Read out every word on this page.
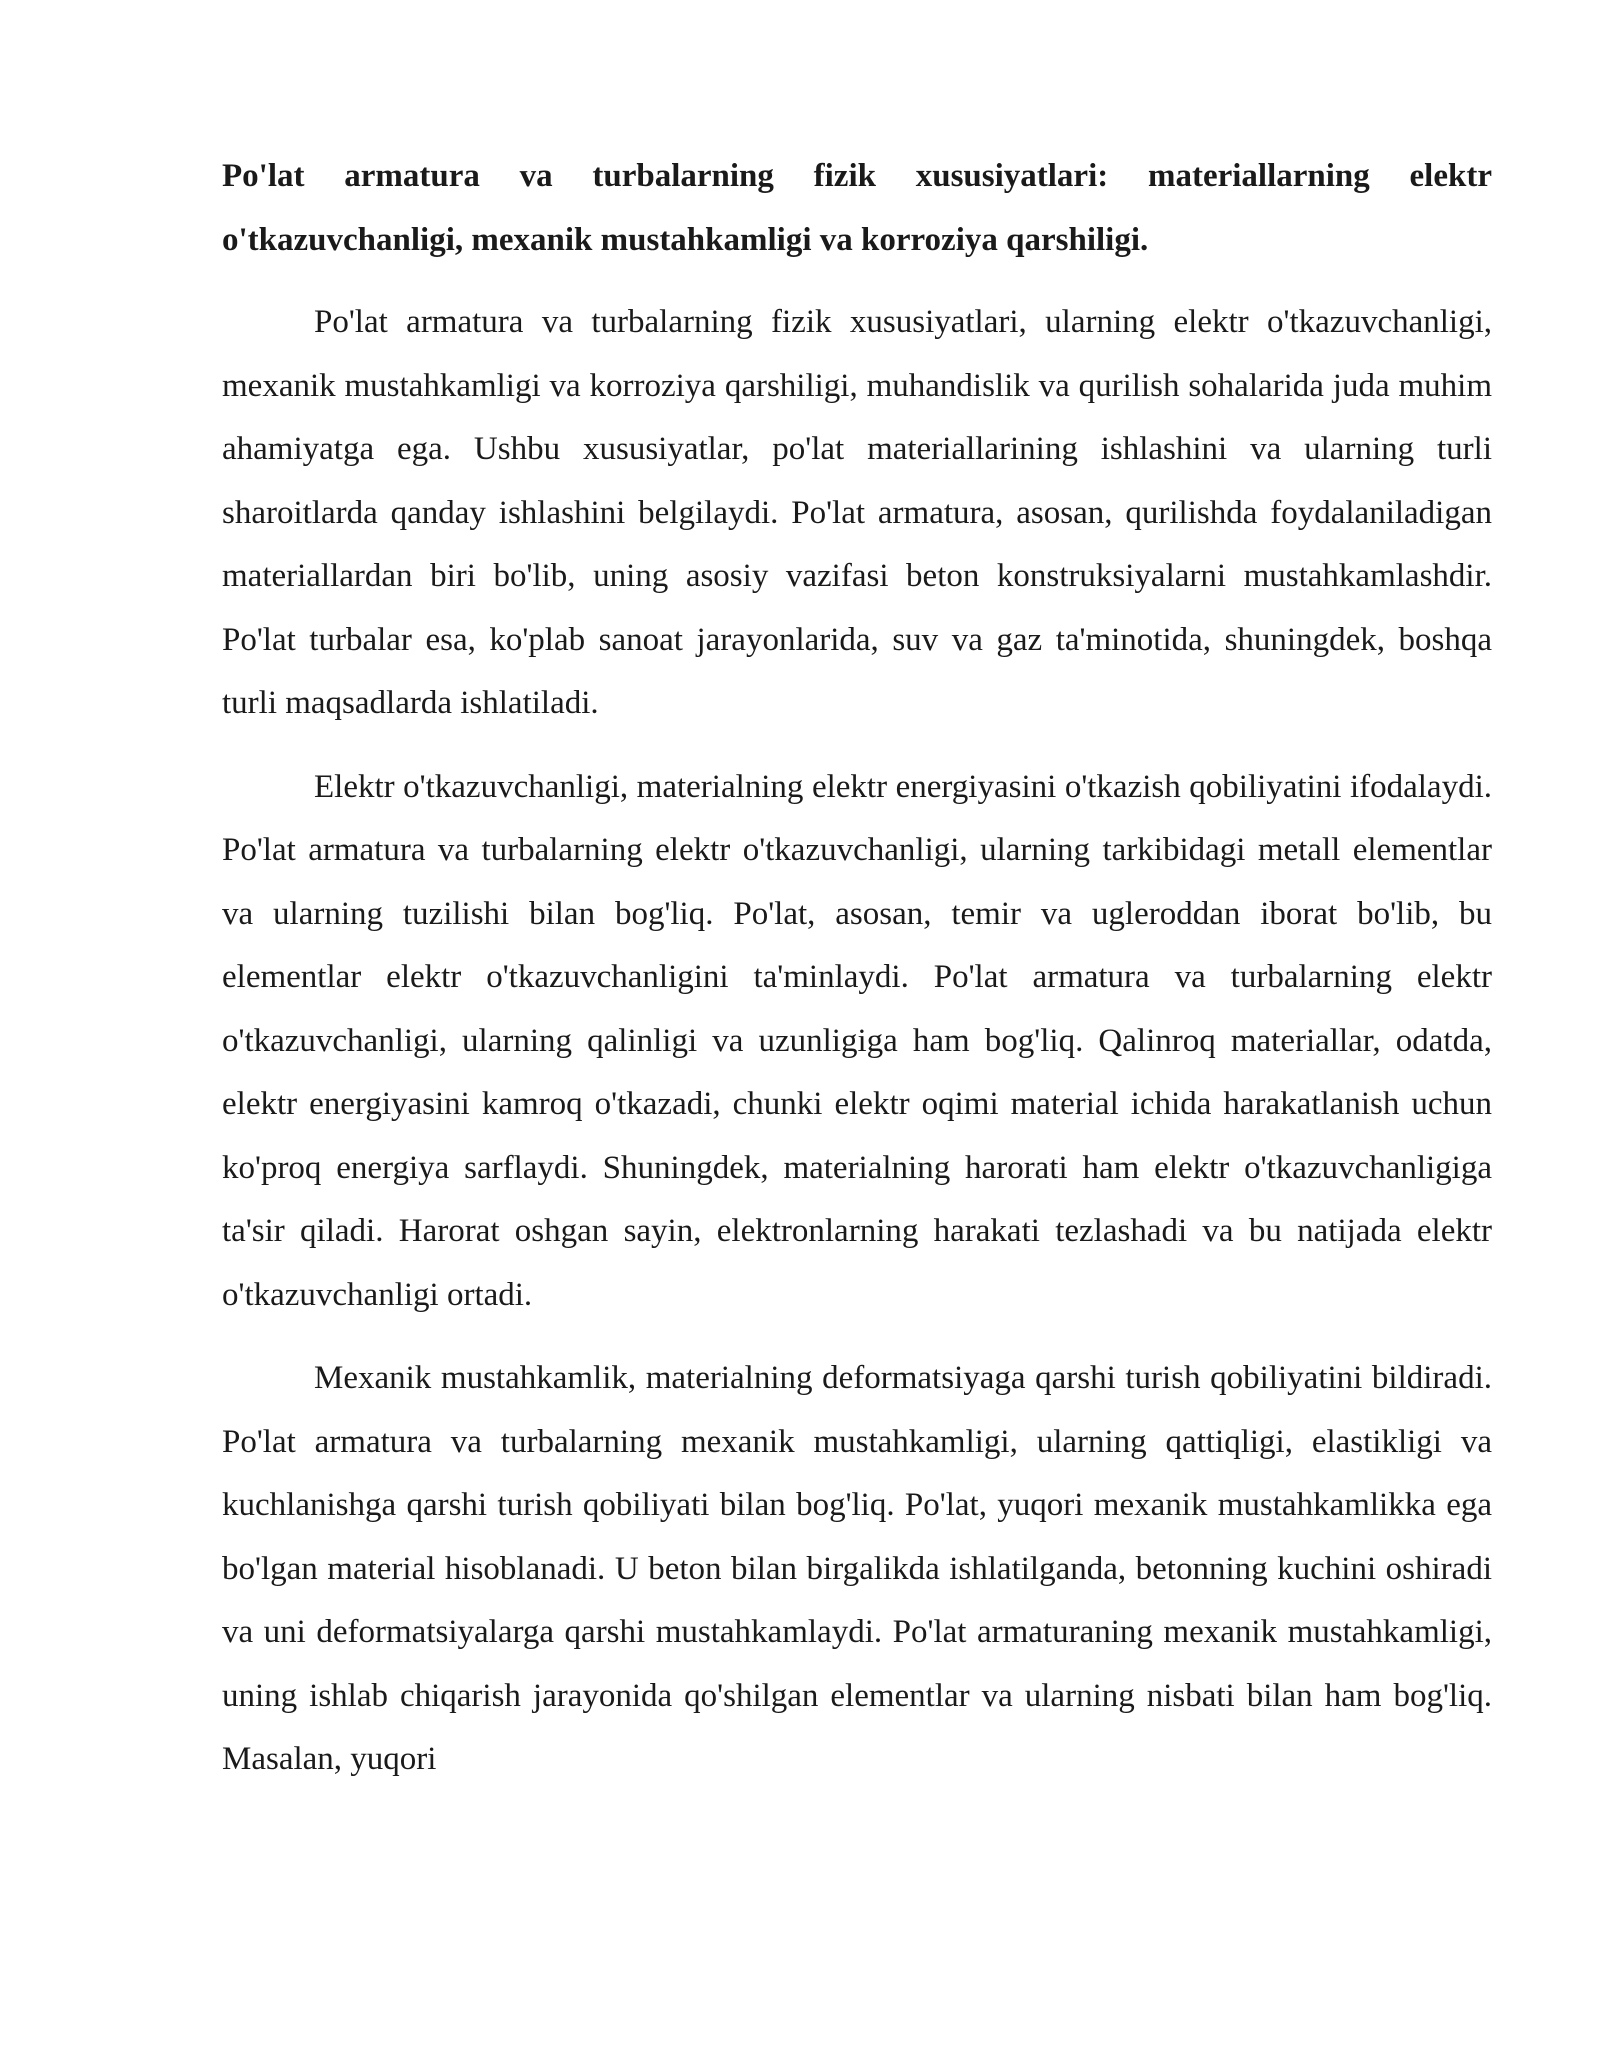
Po'lat armatura va turbalarning fizik xususiyatlari: materiallarning elektr o'tkazuvchanligi, mexanik mustahkamligi va korroziya qarshiligi.

Po'lat armatura va turbalarning fizik xususiyatlari, ularning elektr o'tkazuvchanligi, mexanik mustahkamligi va korroziya qarshiligi, muhandislik va qurilish sohalarida juda muhim ahamiyatga ega. Ushbu xususiyatlar, po'lat materiallarining ishlashini va ularning turli sharoitlarda qanday ishlashini belgilaydi. Po'lat armatura, asosan, qurilishda foydalaniladigan materiallardan biri bo'lib, uning asosiy vazifasi beton konstruksiyalarni mustahkamlashdir. Po'lat turbalar esa, ko'plab sanoat jarayonlarida, suv va gaz ta'minotida, shuningdek, boshqa turli maqsadlarda ishlatiladi.

Elektr o'tkazuvchanligi, materialning elektr energiyasini o'tkazish qobiliyatini ifodalaydi. Po'lat armatura va turbalarning elektr o'tkazuvchanligi, ularning tarkibidagi metall elementlar va ularning tuzilishi bilan bog'liq. Po'lat, asosan, temir va ugleroddan iborat bo'lib, bu elementlar elektr o'tkazuvchanligini ta'minlaydi. Po'lat armatura va turbalarning elektr o'tkazuvchanligi, ularning qalinligi va uzunligiga ham bog'liq. Qalinroq materiallar, odatda, elektr energiyasini kamroq o'tkazadi, chunki elektr oqimi material ichida harakatlanish uchun ko'proq energiya sarflaydi. Shuningdek, materialning harorati ham elektr o'tkazuvchanligiga ta'sir qiladi. Harorat oshgan sayin, elektronlarning harakati tezlashadi va bu natijada elektr o'tkazuvchanligi ortadi.

Mexanik mustahkamlik, materialning deformatsiyaga qarshi turish qobiliyatini bildiradi. Po'lat armatura va turbalarning mexanik mustahkamligi, ularning qattiqligi, elastikligi va kuchlanishga qarshi turish qobiliyati bilan bog'liq. Po'lat, yuqori mexanik mustahkamlikka ega bo'lgan material hisoblanadi. U beton bilan birgalikda ishlatilganda, betonning kuchini oshiradi va uni deformatsiyalarga qarshi mustahkamlaydi. Po'lat armaturaning mexanik mustahkamligi, uning ishlab chiqarish jarayonida qo'shilgan elementlar va ularning nisbati bilan ham bog'liq. Masalan, yuqori
